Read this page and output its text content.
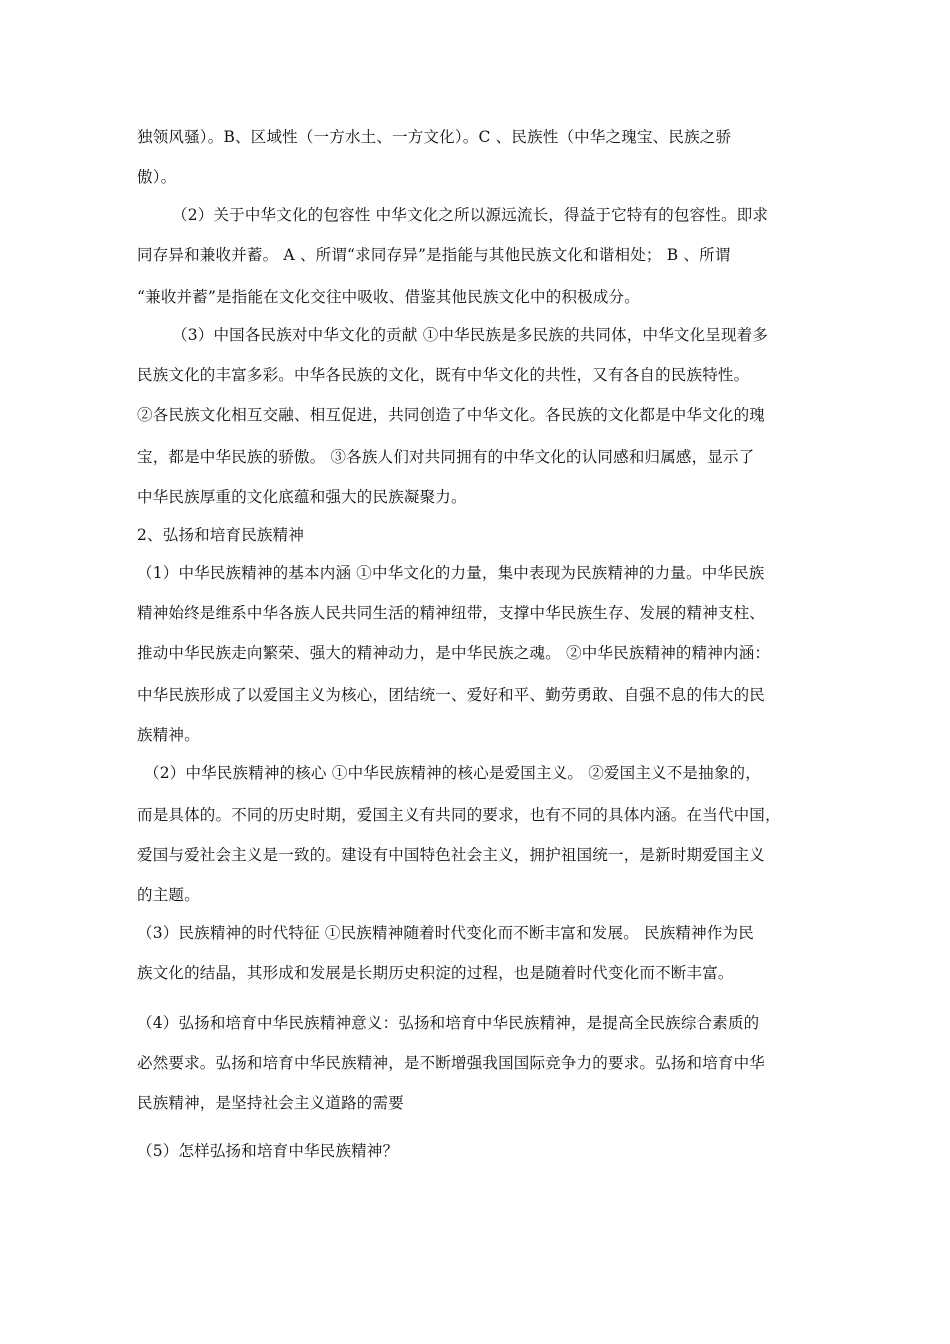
独领风骚）。B、区域性（一方水土、一方文化）。C 、民族性（中华之瑰宝、民族之骄
傲）。
（2）关于中华文化的包容性 中华文化之所以源远流长，得益于它特有的包容性。即求
同存异和兼收并蓄。 A 、所谓“求同存异”是指能与其他民族文化和谐相处； B 、所谓
“兼收并蓄”是指能在文化交往中吸收、借鉴其他民族文化中的积极成分。
（3）中国各民族对中华文化的贡献 ①中华民族是多民族的共同体，中华文化呈现着多
民族文化的丰富多彩。中华各民族的文化，既有中华文化的共性，又有各自的民族特性。
②各民族文化相互交融、相互促进，共同创造了中华文化。各民族的文化都是中华文化的瑰
宝，都是中华民族的骄傲。 ③各族人们对共同拥有的中华文化的认同感和归属感，显示了
中华民族厚重的文化底蕴和强大的民族凝聚力。
2、弘扬和培育民族精神
（1）中华民族精神的基本内涵 ①中华文化的力量，集中表现为民族精神的力量。中华民族
精神始终是维系中华各族人民共同生活的精神纽带，支撑中华民族生存、发展的精神支柱、
推动中华民族走向繁荣、强大的精神动力，是中华民族之魂。 ②中华民族精神的精神内涵：
中华民族形成了以爱国主义为核心，团结统一、爱好和平、勤劳勇敢、自强不息的伟大的民
族精神。
（2）中华民族精神的核心 ①中华民族精神的核心是爱国主义。 ②爱国主义不是抽象的，
而是具体的。不同的历史时期，爱国主义有共同的要求，也有不同的具体内涵。在当代中国，
爱国与爱社会主义是一致的。建设有中国特色社会主义，拥护祖国统一，是新时期爱国主义
的主题。
（3）民族精神的时代特征 ①民族精神随着时代变化而不断丰富和发展。 民族精神作为民
族文化的结晶，其形成和发展是长期历史积淀的过程，也是随着时代变化而不断丰富。
（4）弘扬和培育中华民族精神意义：弘扬和培育中华民族精神，是提高全民族综合素质的
必然要求。弘扬和培育中华民族精神，是不断增强我国国际竞争力的要求。弘扬和培育中华
民族精神，是坚持社会主义道路的需要
（5）怎样弘扬和培育中华民族精神？
